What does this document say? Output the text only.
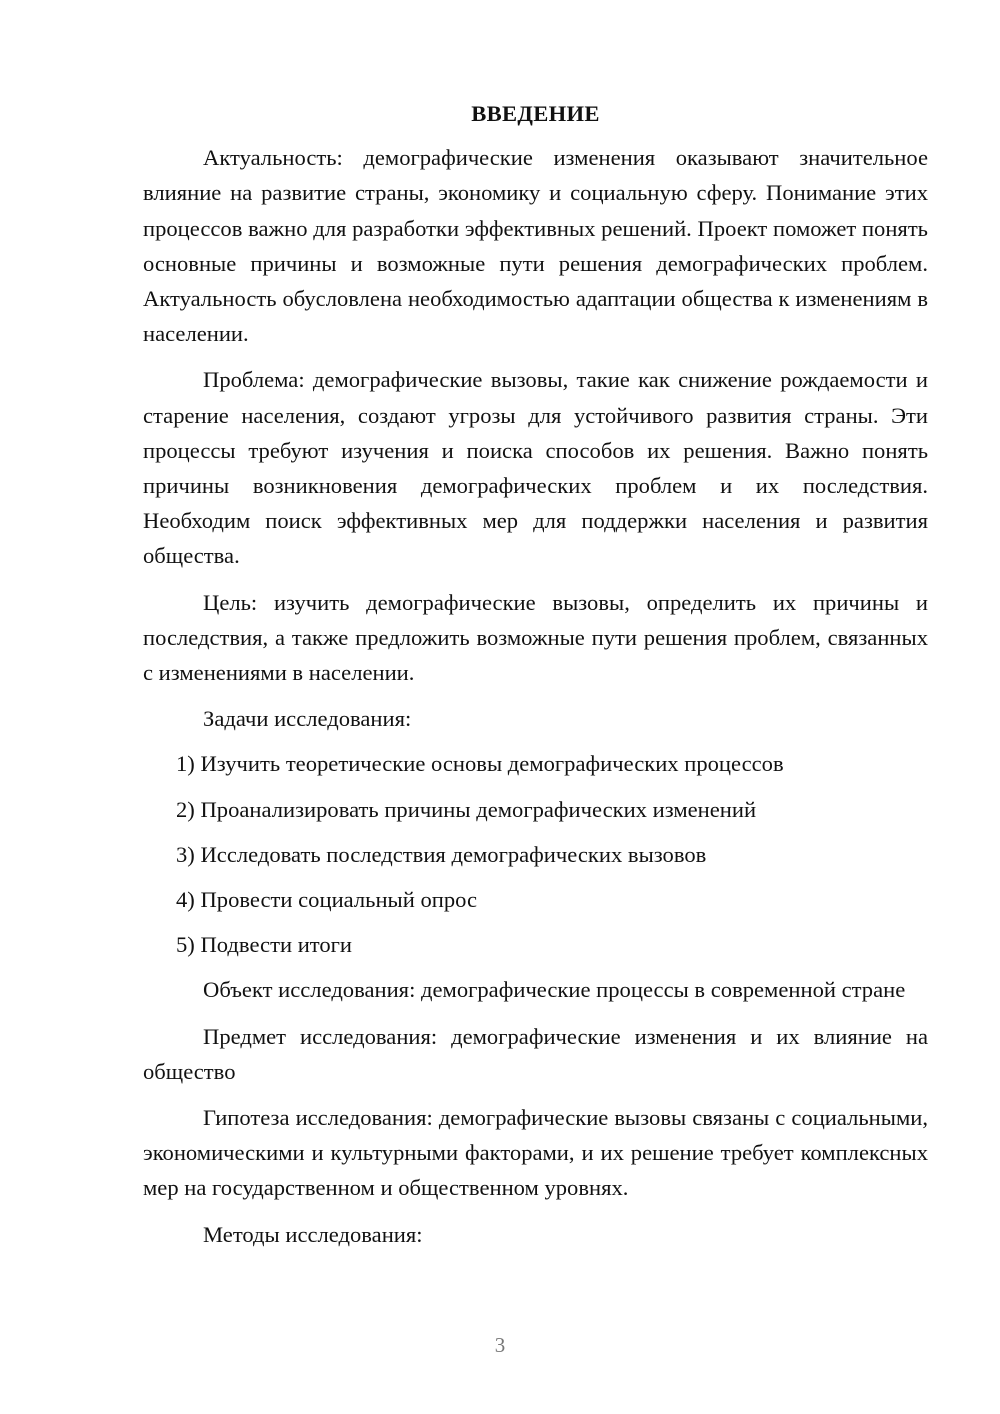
ВВЕДЕНИЕ

Актуальность: демографические изменения оказывают значительное влияние на развитие страны, экономику и социальную сферу. Понимание этих процессов важно для разработки эффективных решений. Проект поможет понять основные причины и возможные пути решения демографических проблем. Актуальность обусловлена необходимостью адаптации общества к изменениям в населении.

Проблема: демографические вызовы, такие как снижение рождаемости и старение населения, создают угрозы для устойчивого развития страны. Эти процессы требуют изучения и поиска способов их решения. Важно понять причины возникновения демографических проблем и их последствия. Необходим поиск эффективных мер для поддержки населения и развития общества.

Цель: изучить демографические вызовы, определить их причины и последствия, а также предложить возможные пути решения проблем, связанных с изменениями в населении.

Задачи исследования:

1) Изучить теоретические основы демографических процессов
2) Проанализировать причины демографических изменений
3) Исследовать последствия демографических вызовов
4) Провести социальный опрос
5) Подвести итоги

Объект исследования: демографические процессы в современной стране

Предмет исследования: демографические изменения и их влияние на общество

Гипотеза исследования: демографические вызовы связаны с социальными, экономическими и культурными факторами, и их решение требует комплексных мер на государственном и общественном уровнях.

Методы исследования:

3
